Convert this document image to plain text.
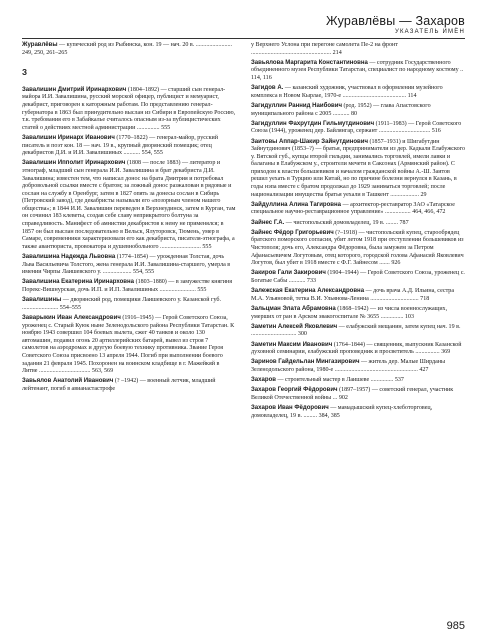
Журавлёвы — Захаров
УКАЗАТЕЛЬ ИМЁН
Журавлёвы — купеческий род из Рыбинска, кон. 19 — нач. 20 в. ........................ 249, 250, 261–265
З
Завалишин Дмитрий Иринархович (1804–1892) — старший сын генерал-майора И.И. Завалишина, русский морской офицер, публицист и мемуарист, декабрист, приговорен к каторжным работам. По представлению генерал-губернатора в 1863 был принудительно выслан из Сибири в Европейскую Россию, т.к. требования его в Забайкалье считалось опасным из-за публицистических статей о действиях местной администрации ............... 555
Завалишин Иринарх Иванович (1770–1822) — генерал-майор, русский писатель и поэт кон. 18 — нач. 19 в., крупный дворянский помещик; отец декабристов Д.И. и И.И. Завалишиных ........... 554, 555
Завалишин Ипполит Иринархович (1808 — после 1883) — литератор и этнограф, младший сын генерала И.И. Завалишина и брат декабриста Д.И. Завалишина; известен тем, что написал донос на брата Дмитрия и потребовал добровольной ссылки вместе с братом; за ложный донос разжалован в рядовые и сослан на службу в Оренбург, затем в 1827 опять за донесы сослан в Сибирь (Петровский завод), где декабристы называли его «позорным членом нашего общества»; в 1844 И.И. Завалишин переведен в Верхнеудинск, затем в Курган, там он сочинил 183 клеветы, создав себе славу неприкрытого болтуна за справедливость. Манифест об амнистии декабристов к нему не применялся; в 1857 он был выслан последовательно в Вельск, Ялуторовск, Тюмень, умер в Самаре, современники характеризовали его как декабриста, писателя-этнографа, а также авантюриста, провокатора и душевнобольного ........................... 555
Завалишина Надежда Львовна (1774–1854) — урожденная Толстая, дочь Льва Васильевича Толстого, жена генерала И.И. Завалишина-старшего, умерла в имении Чирпы Лаишевского у. ................... 554, 555
Завалишина Екатерина Иринарховна (1803–1880) — в замужестве княгиня Порекс-Вишнурская, дочь И.П. и И.П. Завалишиных ........................ 555
Завалишины — дворянский род, помещики Лаишевского у. Казанской губ. ........................ 554–555
Заварыкин Иван Александрович (1916–1945) — Герой Советского Союза, уроженец с. Старый Куюк ныне Зеленодольского района Республики Татарстан. К ноябрю 1943 совершил 104 боевых вылета, сжег 40 танков и около 130 автомашин, подавил огонь 20 артиллерийских батарей, вывел из строя 7 самолетов на аэродромах и другую боевую технику противника. Звание Героя Советского Союза присвоено 13 апреля 1944. Погиб при выполнении боевого задания 21 февраля 1945. Похоронен на воинском кладбище в г. Мажейкяй в Литве .................................. 563, 569
Завьялов Анатолий Иванович (? –1942) — военный летчик, младший лейтенант, погиб в авианастастрофе
у Верхнего Услона при перегоне самолета Пе-2 на фронт ..................................................... 214
Завьялова Маргарита Константиновна — сотрудник Государственного объединенного музея Республики Татарстан, специалист по народному костюму .. 114, 116
Загидов А. — казанский художник, участвовал в оформлении музейного комплекса в Новом Кырлае, 1970-е .......................................... 114
Загидуллин Раннид Наибович (род. 1952) — глава Апастовского муниципального района с 2005 ........... 80
Загидуллин Фахрутдин Гильмутдинович (1911–1983) — Герой Советского Союза (1944), уроженец дер. Байлянгар, сержант .................................. 516
Заитовы Аппар-Шакир Зайнутдинович (1857–1931) и Шигабутдин Зайнутдинович (1853–?) — братья, предприниматели из дер. Кадкали Елабужского у. Вятской губ., купцы второй гильдии, занимались торговлей, имели лавки и балаганы в Елабужском у., строители мечети в Саксонах (Армянский район). С приходом к власти большевиков и началом гражданской войны А.-Ш. Заитов решил уехать в Турцию или Китай, но по причине болезни вернулся в Казань, в годы нэпа вместе с братом продолжал до 1929 заниматься торговлей; после национализации имущества братья уехали в Ташкент ................... 29
Зайдуллина Алина Тагировна — архитектор-реставратор ЗАО «Татарское специальное научно-реставрационное управление» ................. 464, 466, 472
Зайнес Г.А. — чистопольский домовладелец, 19 в. ........ 787
Зайнес Фёдор Григорьевич (?–1918) — чистопольский купец, старообрядец братского поморского согласия, убит летом 1918 при отступлении большевиков из Чистополя; дочь его, Александра Фёдоровна, была замужем за Петром Афанасьевичем Логутовым, отец которого, городской голова Афанасий Яковлевич Логутов, был убит в 1918 вместе с Ф.Г. Зайнесом ....... 926
Закиров Гали Закирович (1904–1944) — Герой Советского Союза, уроженец с. Богатые Сабы ........... 733
Залежская Екатерина Александровна — дочь врача А.Д. Ильина, сестра М.А. Ульяновой, тетка В.И. Ульянова-Ленина ................................ 718
Зальцман Элата Абрамовна (1868–1942) — из числа военнослужащих, умерших от ран в Арском эвакогоспитале № 3655 ............... 103
Заметин Алексей Яковлевич — елабужский мещанин, затем купец нач. 19 в. .............................. 300
Заметин Максим Иванович (1764–1844) — священник, выпускник Казанской духовной семинарии, елабужский проповедник и просветитель ................ 369
Заринов Гайдельлан Мингазирович — житель дер. Малые Ширданы Зеленодольского района, 1980-е ....................................................... 427
Захаров — строительный мастер в Лаишеве ............... 537
Захаров Георгий Фёдорович (1897–1957) — советский генерал, участник Великой Отечественной войны ... 902
Захаров Иван Фёдорович — мамадышский купец-хлеботорговец, домовладелец, 19 в. ......... 384, 385
985
